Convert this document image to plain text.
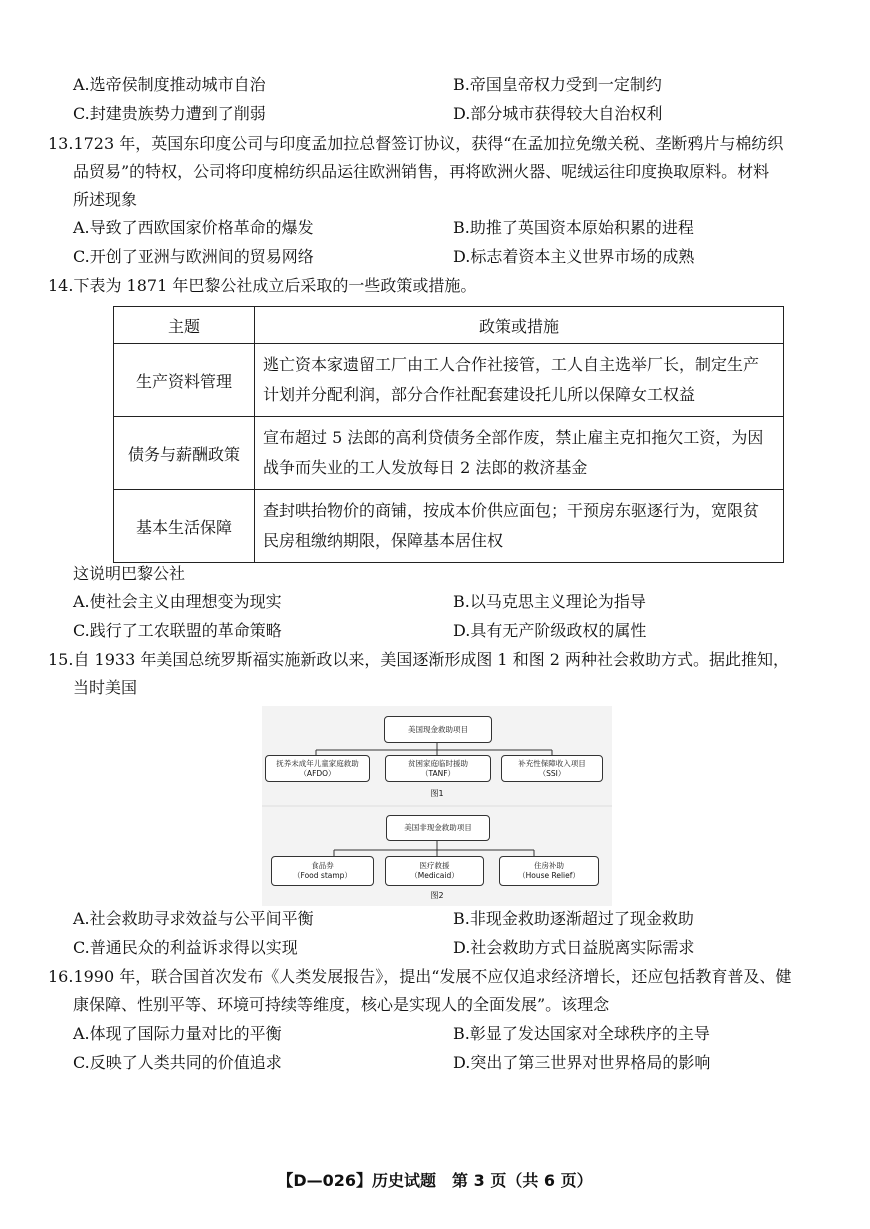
A.选帝侯制度推动城市自治	B.帝国皇帝权力受到一定制约
C.封建贵族势力遭到了削弱	D.部分城市获得较大自治权利
13.1723 年，英国东印度公司与印度孟加拉总督签订协议，获得“在孟加拉免缴关税、垄断鸦片与棉纺织
品贸易”的特权，公司将印度棉纺织品运往欧洲销售，再将欧洲火器、呢绒运往印度换取原料。材料
所述现象
A.导致了西欧国家价格革命的爆发	B.助推了英国资本原始积累的进程
C.开创了亚洲与欧洲间的贸易网络	D.标志着资本主义世界市场的成熟
14.下表为 1871 年巴黎公社成立后采取的一些政策或措施。
主题	政策或措施
生产资料管理	逃亡资本家遗留工厂由工人合作社接管，工人自主选举厂长，制定生产计划并分配利润，部分合作社配套建设托儿所以保障女工权益
债务与薪酬政策	宣布超过 5 法郎的高利贷债务全部作废，禁止雇主克扣拖欠工资，为因战争而失业的工人发放每日 2 法郎的救济基金
基本生活保障	查封哄抬物价的商铺，按成本价供应面包；干预房东驱逐行为，宽限贫民房租缴纳期限，保障基本居住权
这说明巴黎公社
A.使社会主义由理想变为现实	B.以马克思主义理论为指导
C.践行了工农联盟的革命策略	D.具有无产阶级政权的属性
15.自 1933 年美国总统罗斯福实施新政以来，美国逐渐形成图 1 和图 2 两种社会救助方式。据此推知，
当时美国
美国现金救助项目
抚养未成年儿童家庭救助
（AFDO）
贫困家庭临时援助
（TANF）
补充性保障收入项目
（SSI）
图1
美国非现金救助项目
食品券
（Food stamp）
医疗救援
（Medicaid）
住房补助
（House Relief）
图2
A.社会救助寻求效益与公平间平衡	B.非现金救助逐渐超过了现金救助
C.普通民众的利益诉求得以实现	D.社会救助方式日益脱离实际需求
16.1990 年，联合国首次发布《人类发展报告》，提出“发展不应仅追求经济增长，还应包括教育普及、健
康保障、性别平等、环境可持续等维度，核心是实现人的全面发展”。该理念
A.体现了国际力量对比的平衡	B.彰显了发达国家对全球秩序的主导
C.反映了人类共同的价值追求	D.突出了第三世界对世界格局的影响
【D—026】历史试题　第 3 页（共 6 页）
